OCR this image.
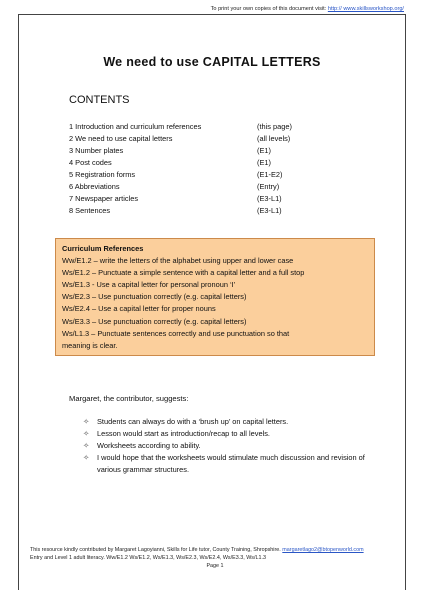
To print your own copies of this document visit: http:// www.skillsworkshop.org/
We need to use CAPITAL LETTERS
CONTENTS
1 Introduction and curriculum references	(this page)
2 We need to use capital letters	(all levels)
3 Number plates	(E1)
4 Post codes	(E1)
5 Registration forms	(E1-E2)
6 Abbreviations	(Entry)
7 Newspaper articles	(E3-L1)
8 Sentences	(E3-L1)
Curriculum References
Ww/E1.2 – write the letters of the alphabet using upper and lower case
Ws/E1.2 – Punctuate a simple sentence with a capital letter and a full stop
Ws/E1.3 - Use a capital letter for personal pronoun ‘I’
Ws/E2.3 – Use punctuation correctly (e.g. capital letters)
Ws/E2.4 – Use a capital letter for proper nouns
Ws/E3.3 – Use punctuation correctly (e.g. capital letters)
Ws/L1.3 – Punctuate sentences correctly and use punctuation so that
meaning is clear.
Margaret, the contributor, suggests:
✧ Students can always do with a ‘brush up’ on capital letters.
✧ Lesson would start as introduction/recap to all levels.
✧ Worksheets according to ability.
✧ I would hope that the worksheets would stimulate much discussion and revision of various grammar structures.
This resource kindly contributed by Margaret Lagoyianni, Skills for Life tutor, County Training, Shropshire. margaretlago2@btopenworld.com
Entry and Level 1 adult literacy. Ww/E1.2 Ws/E1.2, Ws/E1.3, Ws/E2.3, Ws/E2.4, Ws/E3.3, Ws/L1.3
Page 1
